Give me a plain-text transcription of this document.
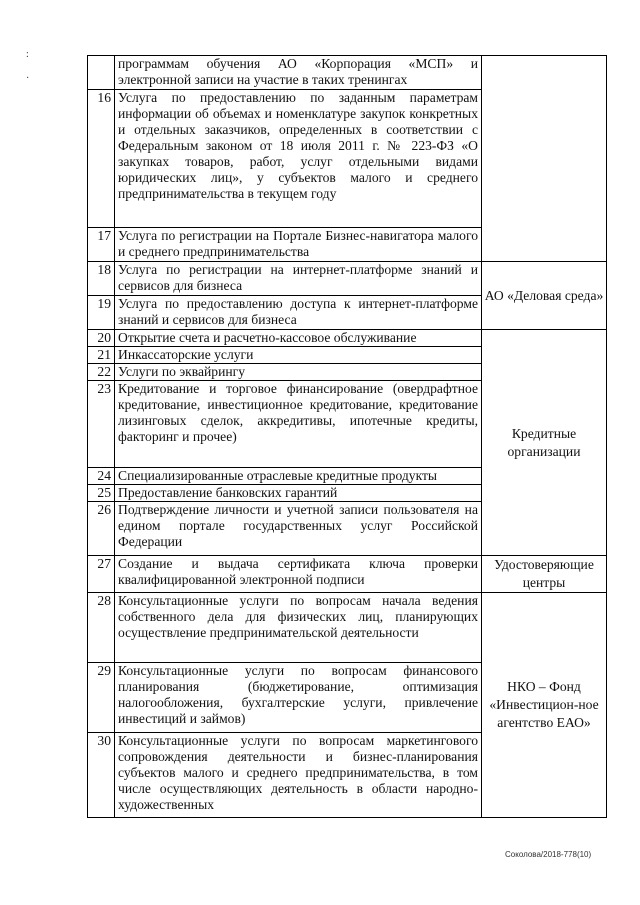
:
·
	программам обучения АО «Корпорация «МСП» и электронной записи на участие в таких тренингах	
16	Услуга по предоставлению по заданным параметрам информации об объемах и номенклатуре закупок конкретных и отдельных заказчиков, определенных в соответствии с Федеральным законом от 18 июля 2011 г. № 223-ФЗ «О закупках товаров, работ, услуг отдельными видами юридических лиц», у субъектов малого и среднего предпринимательства в текущем году	
17	Услуга по регистрации на Портале Бизнес-навигатора малого и среднего предпринимательства	
18	Услуга по регистрации на интернет-платформе знаний и сервисов для бизнеса	АО «Деловая среда»
19	Услуга по предоставлению доступа к интернет-платформе знаний и сервисов для бизнеса	
20	Открытие счета и расчетно-кассовое обслуживание	Кредитные организации
21	Инкассаторские услуги	
22	Услуги по эквайрингу	
23	Кредитование и торговое финансирование (овердрафтное кредитование, инвестиционное кредитование, кредитование лизинговых сделок, аккредитивы, ипотечные кредиты, факторинг и прочее)	
24	Специализированные отраслевые кредитные продукты	
25	Предоставление банковских гарантий	
26	Подтверждение личности и учетной записи пользователя на едином портале государственных услуг Российской Федерации	
27	Создание и выдача сертификата ключа проверки квалифицированной электронной подписи	Удостоверяющие центры
28	Консультационные услуги по вопросам начала ведения собственного дела для физических лиц, планирующих осуществление предпринимательской деятельности	НКО – Фонд «Инвестицион-ное агентство ЕАО»
29	Консультационные услуги по вопросам финансового планирования (бюджетирование, оптимизация налогообложения, бухгалтерские услуги, привлечение инвестиций и займов)	
30	Консультационные услуги по вопросам маркетингового сопровождения деятельности и бизнес-планирования субъектов малого и среднего предпринимательства, в том числе осуществляющих деятельность в области народно-художественных	
Соколова/2018-778(10)
